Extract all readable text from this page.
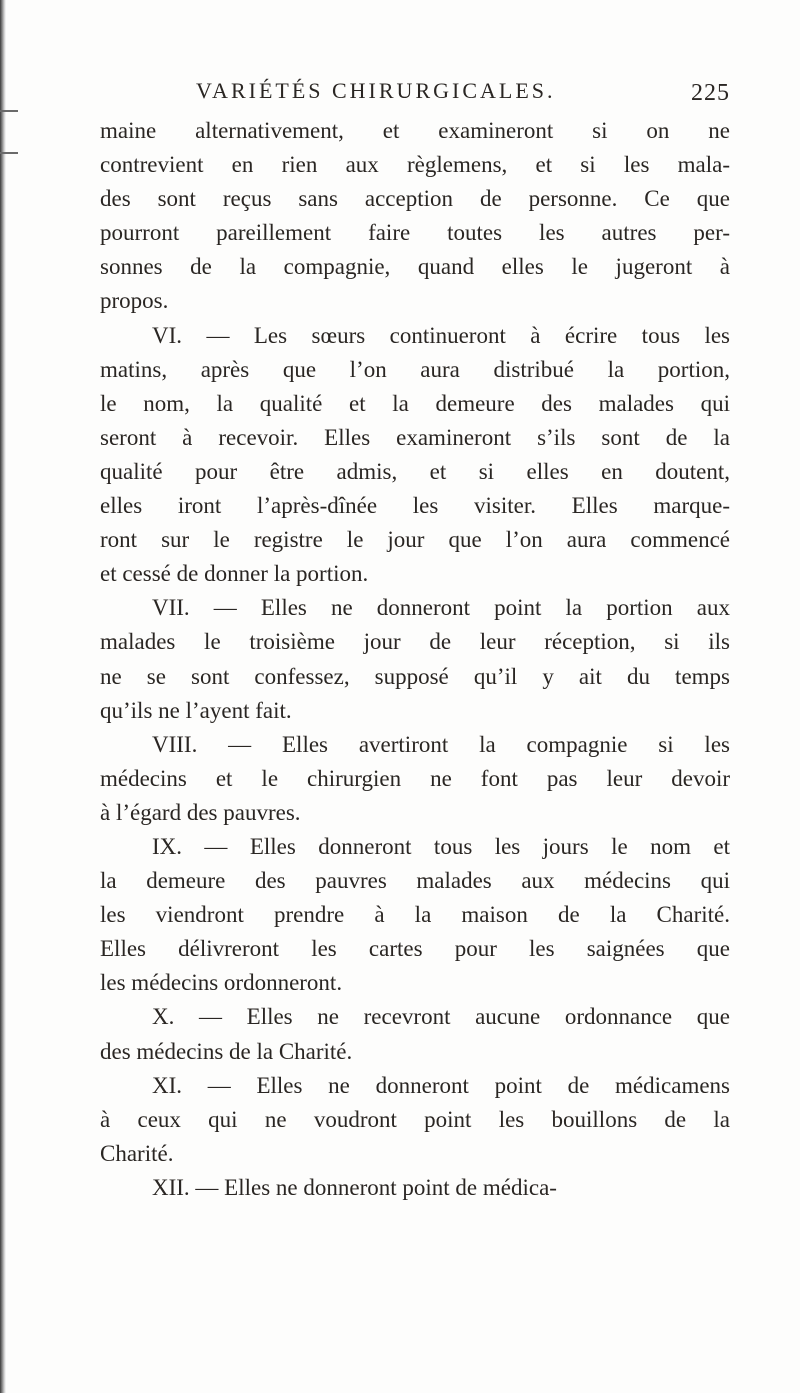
VARIÉTÉS CHIRURGICALES.	225
maine alternativement, et examineront si on ne
contrevient en rien aux règlemens, et si les mala-
des sont reçus sans acception de personne. Ce que
pourront pareillement faire toutes les autres per-
sonnes de la compagnie, quand elles le jugeront à
propos.
VI. — Les sœurs continueront à écrire tous les
matins, après que l’on aura distribué la portion,
le nom, la qualité et la demeure des malades qui
seront à recevoir. Elles examineront s’ils sont de la
qualité pour être admis, et si elles en doutent,
elles iront l’après-dînée les visiter. Elles marque-
ront sur le registre le jour que l’on aura commencé
et cessé de donner la portion.
VII. — Elles ne donneront point la portion aux
malades le troisième jour de leur réception, si ils
ne se sont confessez, supposé qu’il y ait du temps
qu’ils ne l’ayent fait.
VIII. — Elles avertiront la compagnie si les
médecins et le chirurgien ne font pas leur devoir
à l’égard des pauvres.
IX. — Elles donneront tous les jours le nom et
la demeure des pauvres malades aux médecins qui
les viendront prendre à la maison de la Charité.
Elles délivreront les cartes pour les saignées que
les médecins ordonneront.
X. — Elles ne recevront aucune ordonnance que
des médecins de la Charité.
XI. — Elles ne donneront point de médicamens
à ceux qui ne voudront point les bouillons de la
Charité.
XII. — Elles ne donneront point de médica-
